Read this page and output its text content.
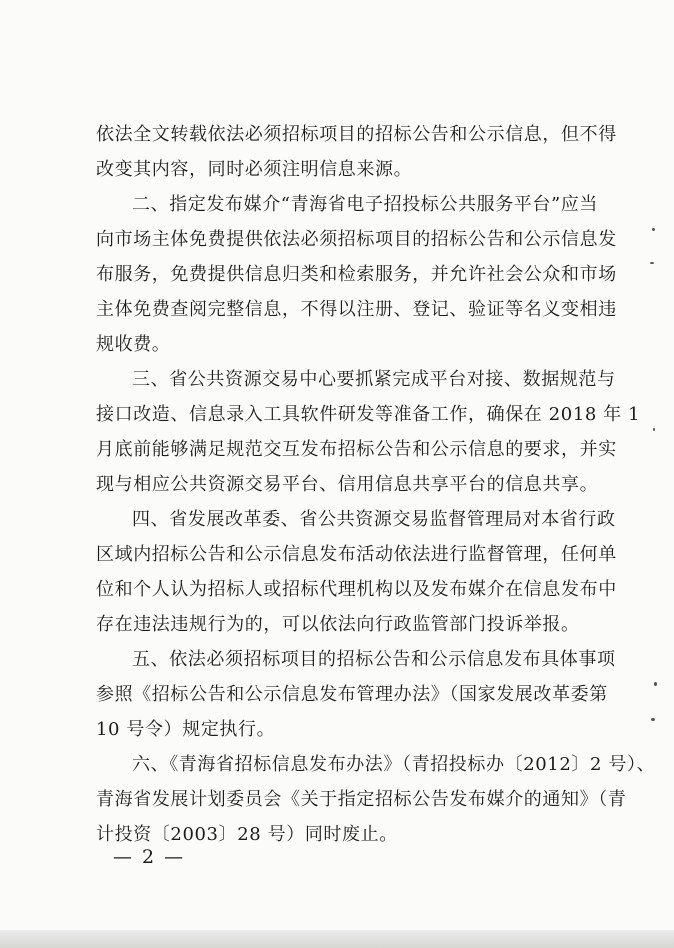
依法全文转载依法必须招标项目的招标公告和公示信息，但不得
改变其内容，同时必须注明信息来源。
二、指定发布媒介“青海省电子招投标公共服务平台”应当
向市场主体免费提供依法必须招标项目的招标公告和公示信息发
布服务，免费提供信息归类和检索服务，并允许社会公众和市场
主体免费查阅完整信息，不得以注册、登记、验证等名义变相违
规收费。
三、省公共资源交易中心要抓紧完成平台对接、数据规范与
接口改造、信息录入工具软件研发等准备工作，确保在 2018 年 1
月底前能够满足规范交互发布招标公告和公示信息的要求，并实
现与相应公共资源交易平台、信用信息共享平台的信息共享。
四、省发展改革委、省公共资源交易监督管理局对本省行政
区域内招标公告和公示信息发布活动依法进行监督管理，任何单
位和个人认为招标人或招标代理机构以及发布媒介在信息发布中
存在违法违规行为的，可以依法向行政监管部门投诉举报。
五、依法必须招标项目的招标公告和公示信息发布具体事项
参照《招标公告和公示信息发布管理办法》（国家发展改革委第
10 号令）规定执行。
六、《青海省招标信息发布办法》（青招投标办〔2012〕2 号）、
青海省发展计划委员会《关于指定招标公告发布媒介的通知》（青
计投资〔2003〕28 号）同时废止。
— 2 —
